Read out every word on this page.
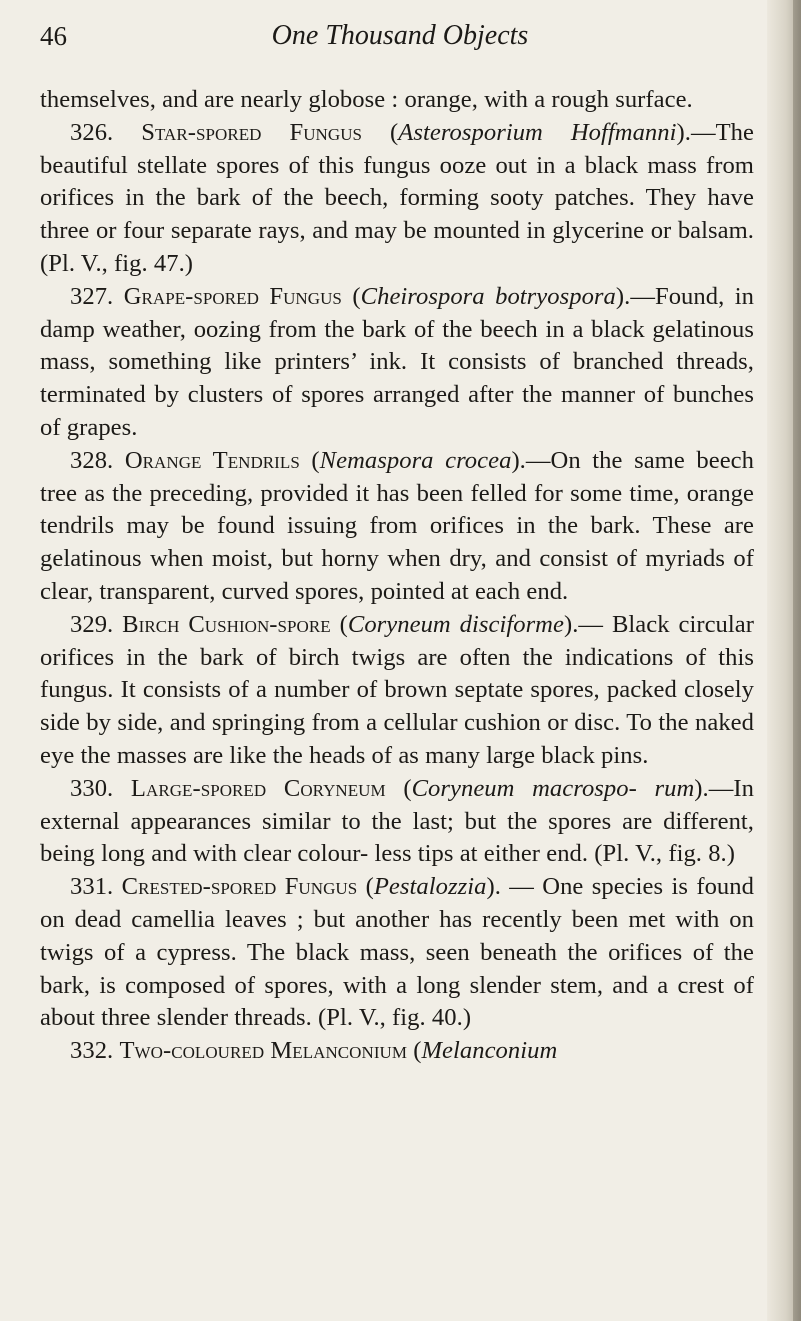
One Thousand Objects
46

themselves, and are nearly globose : orange, with a rough surface.

326. Star-spored Fungus (Asterosporium Hoffmanni).—The beautiful stellate spores of this fungus ooze out in a black mass from orifices in the bark of the beech, forming sooty patches. They have three or four separate rays, and may be mounted in glycerine or balsam. (Pl. V., fig. 47.)

327. Grape-spored Fungus (Cheirospora botryospora).—Found, in damp weather, oozing from the bark of the beech in a black gelatinous mass, something like printers’ ink. It consists of branched threads, terminated by clusters of spores arranged after the manner of bunches of grapes.

328. Orange Tendrils (Nemaspora crocea).—On the same beech tree as the preceding, provided it has been felled for some time, orange tendrils may be found issuing from orifices in the bark. These are gelatinous when moist, but horny when dry, and consist of myriads of clear, transparent, curved spores, pointed at each end.

329. Birch Cushion-spore (Coryneum disciforme).— Black circular orifices in the bark of birch twigs are often the indications of this fungus. It consists of a number of brown septate spores, packed closely side by side, and springing from a cellular cushion or disc. To the naked eye the masses are like the heads of as many large black pins.

330. Large-spored Coryneum (Coryneum macrospo- rum).—In external appearances similar to the last; but the spores are different, being long and with clear colour- less tips at either end. (Pl. V., fig. 8.)

331. Crested-spored Fungus (Pestalozzia). — One species is found on dead camellia leaves ; but another has recently been met with on twigs of a cypress. The black mass, seen beneath the orifices of the bark, is composed of spores, with a long slender stem, and a crest of about three slender threads. (Pl. V., fig. 40.)

332. Two-coloured Melanconium (Melanconium
